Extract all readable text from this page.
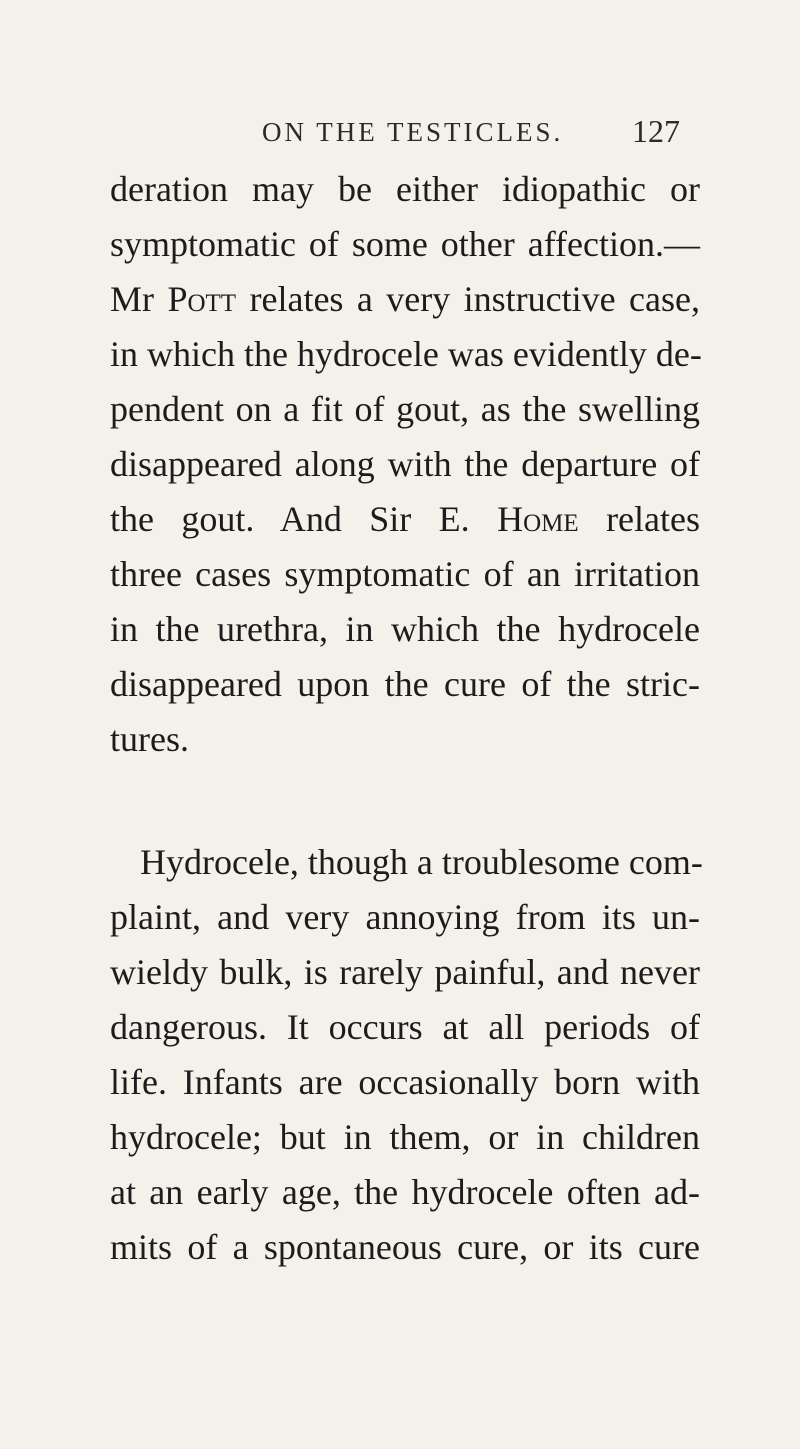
ON THE TESTICLES. 127
deration may be either idiopathic or
symptomatic of some other affection.—
Mr Pott relates a very instructive case,
in which the hydrocele was evidently de-
pendent on a fit of gout, as the swelling
disappeared along with the departure of
the gout. And Sir E. Home relates
three cases symptomatic of an irritation
in the urethra, in which the hydrocele
disappeared upon the cure of the stric-
tures.
Hydrocele, though a troublesome com-
plaint, and very annoying from its un-
wieldy bulk, is rarely painful, and never
dangerous. It occurs at all periods of
life. Infants are occasionally born with
hydrocele; but in them, or in children
at an early age, the hydrocele often ad-
mits of a spontaneous cure, or its cure
